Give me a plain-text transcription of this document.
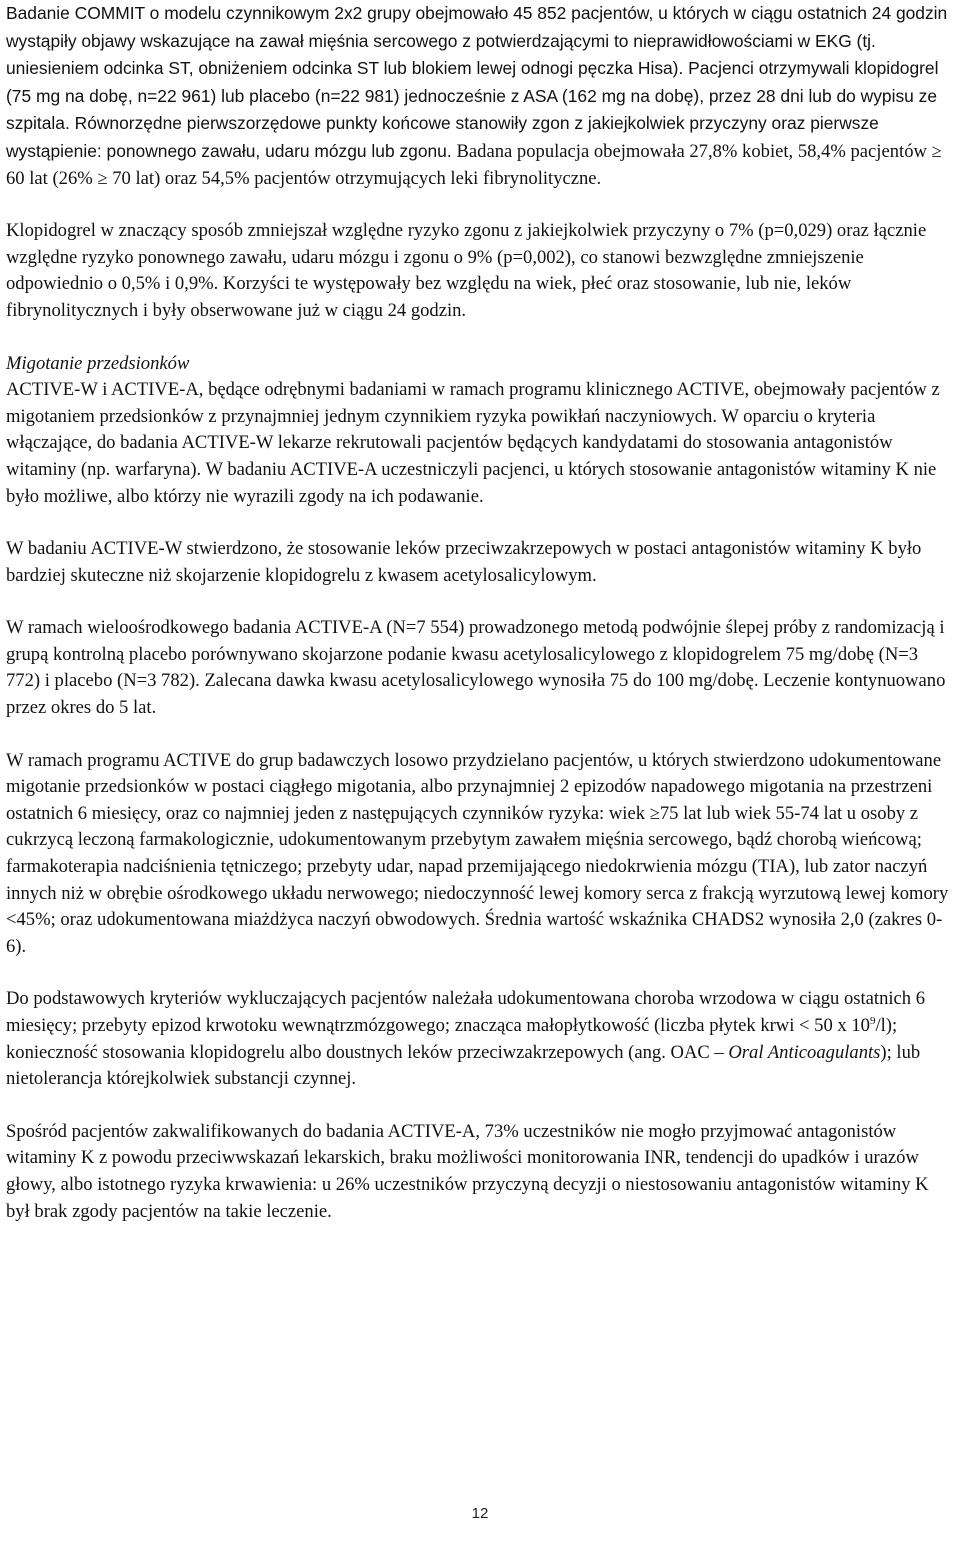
Badanie COMMIT o modelu czynnikowym 2x2 grupy obejmowało 45 852 pacjentów, u których w ciągu ostatnich 24 godzin wystąpiły objawy wskazujące na zawał mięśnia sercowego z potwierdzającymi to nieprawidłowościami w EKG (tj. uniesieniem odcinka ST, obniżeniem odcinka ST lub blokiem lewej odnogi pęczka Hisa). Pacjenci otrzymywali klopidogrel (75 mg na dobę, n=22 961) lub placebo (n=22 981) jednocześnie z ASA (162 mg na dobę), przez 28 dni lub do wypisu ze szpitala. Równorzędne pierwszorzędowe punkty końcowe stanowiły zgon z jakiejkolwiek przyczyny oraz pierwsze wystąpienie: ponownego zawału, udaru mózgu lub zgonu. Badana populacja obejmowała 27,8% kobiet, 58,4% pacjentów ≥ 60 lat (26% ≥ 70 lat) oraz 54,5% pacjentów otrzymujących leki fibrynolityczne.

Klopidogrel w znaczący sposób zmniejszał względne ryzyko zgonu z jakiejkolwiek przyczyny o 7% (p=0,029) oraz łącznie względne ryzyko ponownego zawału, udaru mózgu i zgonu o 9% (p=0,002), co stanowi bezwzględne zmniejszenie odpowiednio o 0,5% i 0,9%. Korzyści te występowały bez względu na wiek, płeć oraz stosowanie, lub nie, leków fibrynolitycznych i były obserwowane już w ciągu 24 godzin.

Migotanie przedsionków

ACTIVE-W i ACTIVE-A, będące odrębnymi badaniami w ramach programu klinicznego ACTIVE, obejmowały pacjentów z migotaniem przedsionków z przynajmniej jednym czynnikiem ryzyka powikłań naczyniowych. W oparciu o kryteria włączające, do badania ACTIVE-W lekarze rekrutowali pacjentów będących kandydatami do stosowania antagonistów witaminy (np. warfaryna). W badaniu ACTIVE-A uczestniczyli pacjenci, u których stosowanie antagonistów witaminy K nie było możliwe, albo którzy nie wyrazili zgody na ich podawanie.

W badaniu ACTIVE-W stwierdzono, że stosowanie leków przeciwzakrzepowych w postaci antagonistów witaminy K było bardziej skuteczne niż skojarzenie klopidogrelu z kwasem acetylosalicylowym.

W ramach wieloośrodkowego badania ACTIVE-A (N=7 554) prowadzonego metodą podwójnie ślepej próby z randomizacją i grupą kontrolną placebo porównywano skojarzone podanie kwasu acetylosalicylowego z klopidogrelem 75 mg/dobę (N=3 772) i placebo (N=3 782). Zalecana dawka kwasu acetylosalicylowego wynosiła 75 do 100 mg/dobę. Leczenie kontynuowano przez okres do 5 lat.

W ramach programu ACTIVE do grup badawczych losowo przydzielano pacjentów, u których stwierdzono udokumentowane migotanie przedsionków w postaci ciągłego migotania, albo przynajmniej 2 epizodów napadowego migotania na przestrzeni ostatnich 6 miesięcy, oraz co najmniej jeden z następujących czynników ryzyka: wiek ≥75 lat lub wiek 55-74 lat u osoby z cukrzycą leczoną farmakologicznie, udokumentowanym przebytym zawałem mięśnia sercowego, bądź chorobą wieńcową; farmakoterapia nadciśnienia tętniczego; przebyty udar, napad przemijającego niedokrwienia mózgu (TIA), lub zator naczyń innych niż w obrębie ośrodkowego układu nerwowego; niedoczynność lewej komory serca z frakcją wyrzutową lewej komory <45%; oraz udokumentowana miażdżyca naczyń obwodowych. Średnia wartość wskaźnika CHADS2 wynosiła 2,0 (zakres 0-6).

Do podstawowych kryteriów wykluczających pacjentów należała udokumentowana choroba wrzodowa w ciągu ostatnich 6 miesięcy; przebyty epizod krwotoku wewnątrzmózgowego; znacząca małopłytkowość (liczba płytek krwi < 50 x $10^9/l$); konieczność stosowania klopidogrelu albo doustnych leków przeciwzakrzepowych (ang. OAC – Oral Anticoagulants); lub nietolerancja którejkolwiek substancji czynnej.

Spośród pacjentów zakwalifikowanych do badania ACTIVE-A, 73% uczestników nie mogło przyjmować antagonistów witaminy K z powodu przeciwwskazań lekarskich, braku możliwości monitorowania INR, tendencji do upadków i urazów głowy, albo istotnego ryzyka krwawienia: u 26% uczestników przyczyną decyzji o niestosowaniu antagonistów witaminy K był brak zgody pacjentów na takie leczenie.

12
